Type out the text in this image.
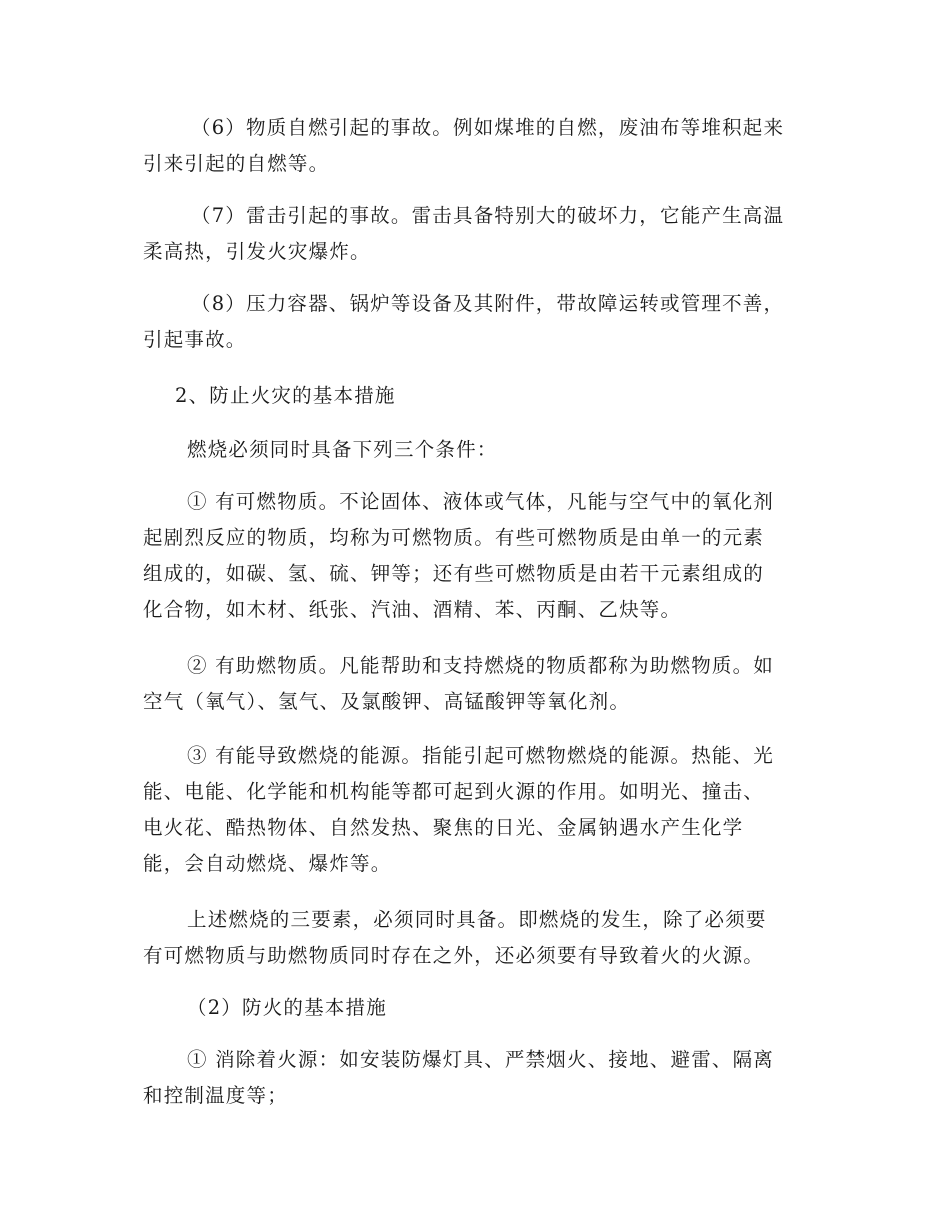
（6）物质自燃引起的事故。例如煤堆的自燃，废油布等堆积起来
引来引起的自燃等。

（7）雷击引起的事故。雷击具备特别大的破坏力，它能产生高温
柔高热，引发火灾爆炸。

（8）压力容器、锅炉等设备及其附件，带故障运转或管理不善，
引起事故。

2、防止火灾的基本措施

燃烧必须同时具备下列三个条件：

① 有可燃物质。不论固体、液体或气体，凡能与空气中的氧化剂
起剧烈反应的物质，均称为可燃物质。有些可燃物质是由单一的元素
组成的，如碳、氢、硫、钾等；还有些可燃物质是由若干元素组成的
化合物，如木材、纸张、汽油、酒精、苯、丙酮、乙炔等。

② 有助燃物质。凡能帮助和支持燃烧的物质都称为助燃物质。如
空气（氧气）、氢气、及氯酸钾、高锰酸钾等氧化剂。

③ 有能导致燃烧的能源。指能引起可燃物燃烧的能源。热能、光
能、电能、化学能和机构能等都可起到火源的作用。如明光、撞击、
电火花、酷热物体、自然发热、聚焦的日光、金属钠遇水产生化学
能，会自动燃烧、爆炸等。

上述燃烧的三要素，必须同时具备。即燃烧的发生，除了必须要
有可燃物质与助燃物质同时存在之外，还必须要有导致着火的火源。

（2）防火的基本措施

① 消除着火源：如安装防爆灯具、严禁烟火、接地、避雷、隔离
和控制温度等；
